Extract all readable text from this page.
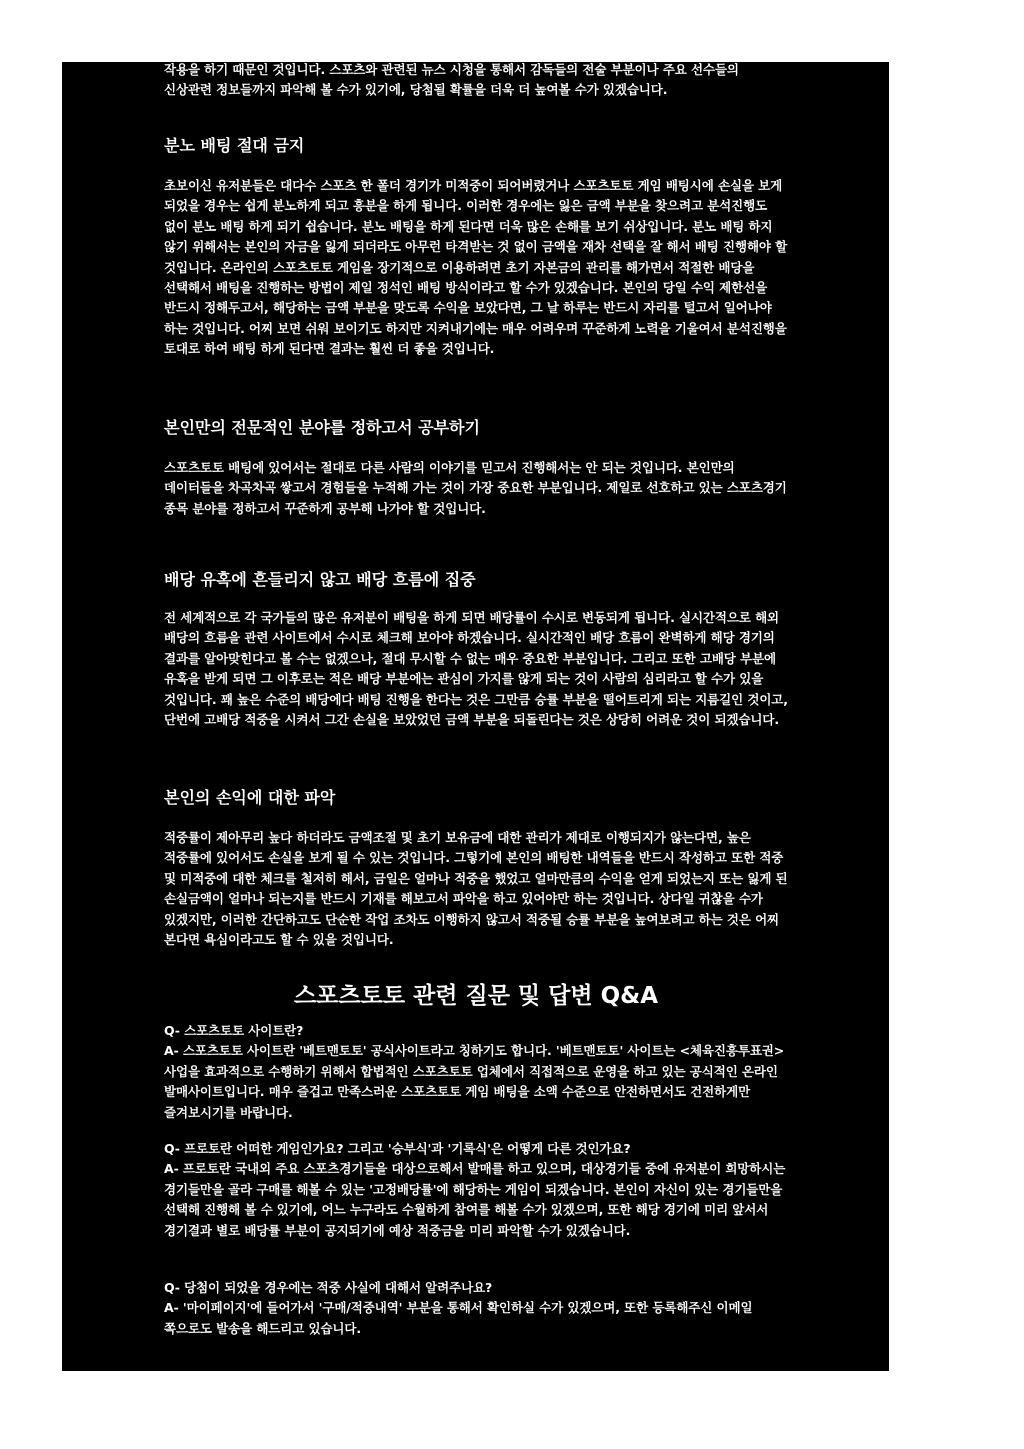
작용을 하기 때문인 것입니다. 스포츠와 관련된 뉴스 시청을 통해서 감독들의 전술 부분이나 주요 선수들의 신상관련 정보들까지 파악해 볼 수가 있기에, 당첨될 확률을 더욱 더 높여볼 수가 있겠습니다.

분노 배팅 절대 금지

초보이신 유저분들은 대다수 스포츠 한 폴더 경기가 미적중이 되어버렸거나 스포츠토토 게임 배팅시에 손실을 보게 되었을 경우는 쉽게 분노하게 되고 흥분을 하게 됩니다. 이러한 경우에는 잃은 금액 부분을 찾으려고 분석진행도 없이 분노 배팅 하게 되기 쉽습니다. 분노 배팅을 하게 된다면 더욱 많은 손해를 보기 쉬상입니다. 분노 배팅 하지 않기 위해서는 본인의 자금을 잃게 되더라도 아무런 타격받는 것 없이 금액을 재차 선택을 잘 해서 배팅 진행해야 할 것입니다. 온라인의 스포츠토토 게임을 장기적으로 이용하려면 초기 자본금의 관리를 해가면서 적절한 배당을 선택해서 배팅을 진행하는 방법이 제일 정석인 배팅 방식이라고 할 수가 있겠습니다. 본인의 당일 수익 제한선을 반드시 정해두고서, 해당하는 금액 부분을 맞도록 수익을 보았다면, 그 날 하루는 반드시 자리를 털고서 일어나야 하는 것입니다. 어찌 보면 쉬워 보이기도 하지만 지켜내기에는 매우 어려우며 꾸준하게 노력을 기울여서 분석진행을 토대로 하여 배팅 하게 된다면 결과는 훨씬 더 좋을 것입니다.

본인만의 전문적인 분야를 정하고서 공부하기

스포츠토토 배팅에 있어서는 절대로 다른 사람의 이야기를 믿고서 진행해서는 안 되는 것입니다. 본인만의 데이터들을 차곡차곡 쌓고서 경험들을 누적해 가는 것이 가장 중요한 부분입니다. 제일로 선호하고 있는 스포츠경기 종목 분야를 정하고서 꾸준하게 공부해 나가야 할 것입니다.

배당 유혹에 흔들리지 않고 배당 흐름에 집중

전 세계적으로 각 국가들의 많은 유저분이 배팅을 하게 되면 배당률이 수시로 변동되게 됩니다. 실시간적으로 해외 배당의 흐름을 관련 사이트에서 수시로 체크해 보아야 하겠습니다. 실시간적인 배당 흐름이 완벽하게 해당 경기의 결과를 알아맞힌다고 볼 수는 없겠으나, 절대 무시할 수 없는 매우 중요한 부분입니다. 그리고 또한 고배당 부분에 유혹을 받게 되면 그 이후로는 적은 배당 부분에는 관심이 가지를 않게 되는 것이 사람의 심리라고 할 수가 있을 것입니다. 꽤 높은 수준의 배당에다 배팅 진행을 한다는 것은 그만큼 승률 부분을 떨어트리게 되는 지름길인 것이고, 단번에 고배당 적중을 시켜서 그간 손실을 보았었던 금액 부분을 되돌린다는 것은 상당히 어려운 것이 되겠습니다.

본인의 손익에 대한 파악

적중률이 제아무리 높다 하더라도 금액조절 및 초기 보유금에 대한 관리가 제대로 이행되지가 않는다면, 높은 적중률에 있어서도 손실을 보게 될 수 있는 것입니다. 그렇기에 본인의 배팅한 내역들을 반드시 작성하고 또한 적중 및 미적중에 대한 체크를 철저히 해서, 금일은 얼마나 적중을 했었고 얼마만큼의 수익을 얻게 되었는지 또는 잃게 된 손실금액이 얼마나 되는지를 반드시 기재를 해보고서 파악을 하고 있어야만 하는 것입니다. 상다일 귀찮을 수가 있겠지만, 이러한 간단하고도 단순한 작업 조차도 이행하지 않고서 적중될 승률 부분을 높여보려고 하는 것은 어찌 본다면 욕심이라고도 할 수 있을 것입니다.

스포츠토토 관련 질문 및 답변 Q&A

Q- 스포츠토토 사이트란?

A- 스포츠토토 사이트란 '베트맨토토' 공식사이트라고 칭하기도 합니다. '베트맨토토' 사이트는 <체육진흥투표권> 사업을 효과적으로 수행하기 위해서 합법적인 스포츠토토 업체에서 직접적으로 운영을 하고 있는 공식적인 온라인 발매사이트입니다. 매우 즐겁고 만족스러운 스포츠토토 게임 배팅을 소액 수준으로 안전하면서도 건전하게만 즐겨보시기를 바랍니다.

Q- 프로토란 어떠한 게임인가요? 그리고 '승부식'과 '기록식'은 어떻게 다른 것인가요?

A- 프로토란 국내외 주요 스포츠경기들을 대상으로해서 발매를 하고 있으며, 대상경기들 중에 유저분이 희망하시는 경기들만을 골라 구매를 해볼 수 있는 '고정배당률'에 해당하는 게임이 되겠습니다. 본인이 자신이 있는 경기들만을 선택해 진행해 볼 수 있기에, 어느 누구라도 수월하게 참여를 해볼 수가 있겠으며, 또한 해당 경기에 미리 앞서서 경기결과 별로 배당률 부분이 공지되기에 예상 적중금을 미리 파악할 수가 있겠습니다.

Q- 당첨이 되었을 경우에는 적중 사실에 대해서 알려주나요?

A- '마이페이지'에 들어가서 '구매/적중내역' 부분을 통해서 확인하실 수가 있겠으며, 또한 등록해주신 이메일 쪽으로도 발송을 해드리고 있습니다.
